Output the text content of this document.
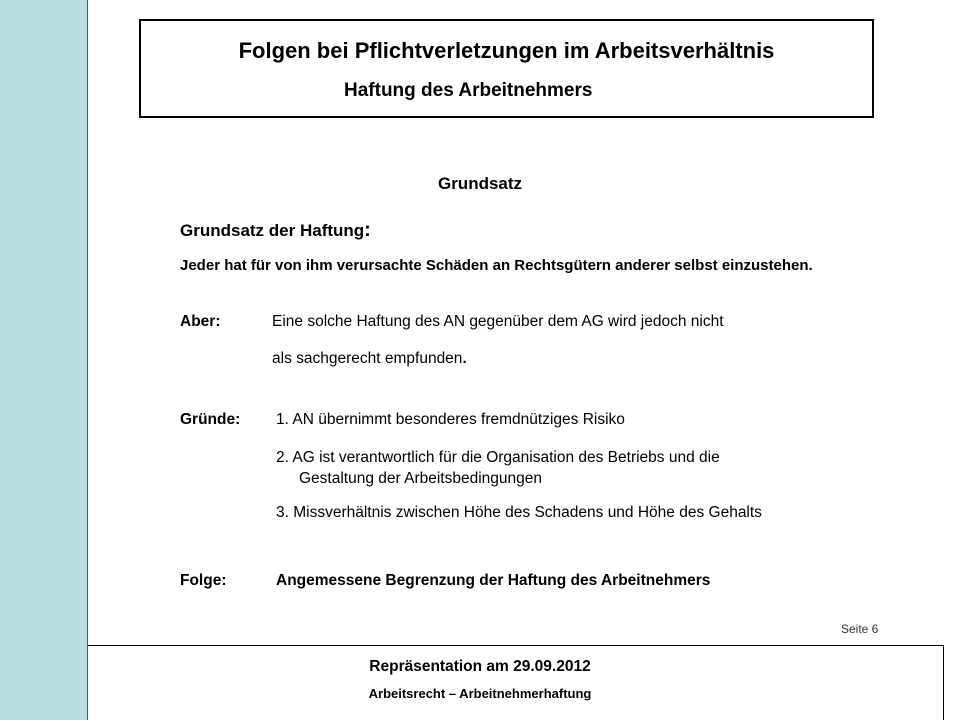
Folgen bei Pflichtverletzungen im Arbeitsverhältnis
Haftung des Arbeitnehmers
Grundsatz
Grundsatz der Haftung:
Jeder hat für von ihm verursachte Schäden an Rechtsgütern anderer selbst einzustehen.
Aber:	Eine solche Haftung des AN gegenüber dem AG wird jedoch nicht
als sachgerecht empfunden.
Gründe: 1. AN übernimmt besonderes fremdnütziges Risiko
2. AG ist verantwortlich für die Organisation des Betriebs und die
Gestaltung der Arbeitsbedingungen
3. Missverhältnis zwischen Höhe des Schadens und Höhe des Gehalts
Folge:	Angemessene Begrenzung der Haftung des Arbeitnehmers
Seite 6
Repräsentation am 29.09.2012
Arbeitsrecht – Arbeitnehmerhaftung
